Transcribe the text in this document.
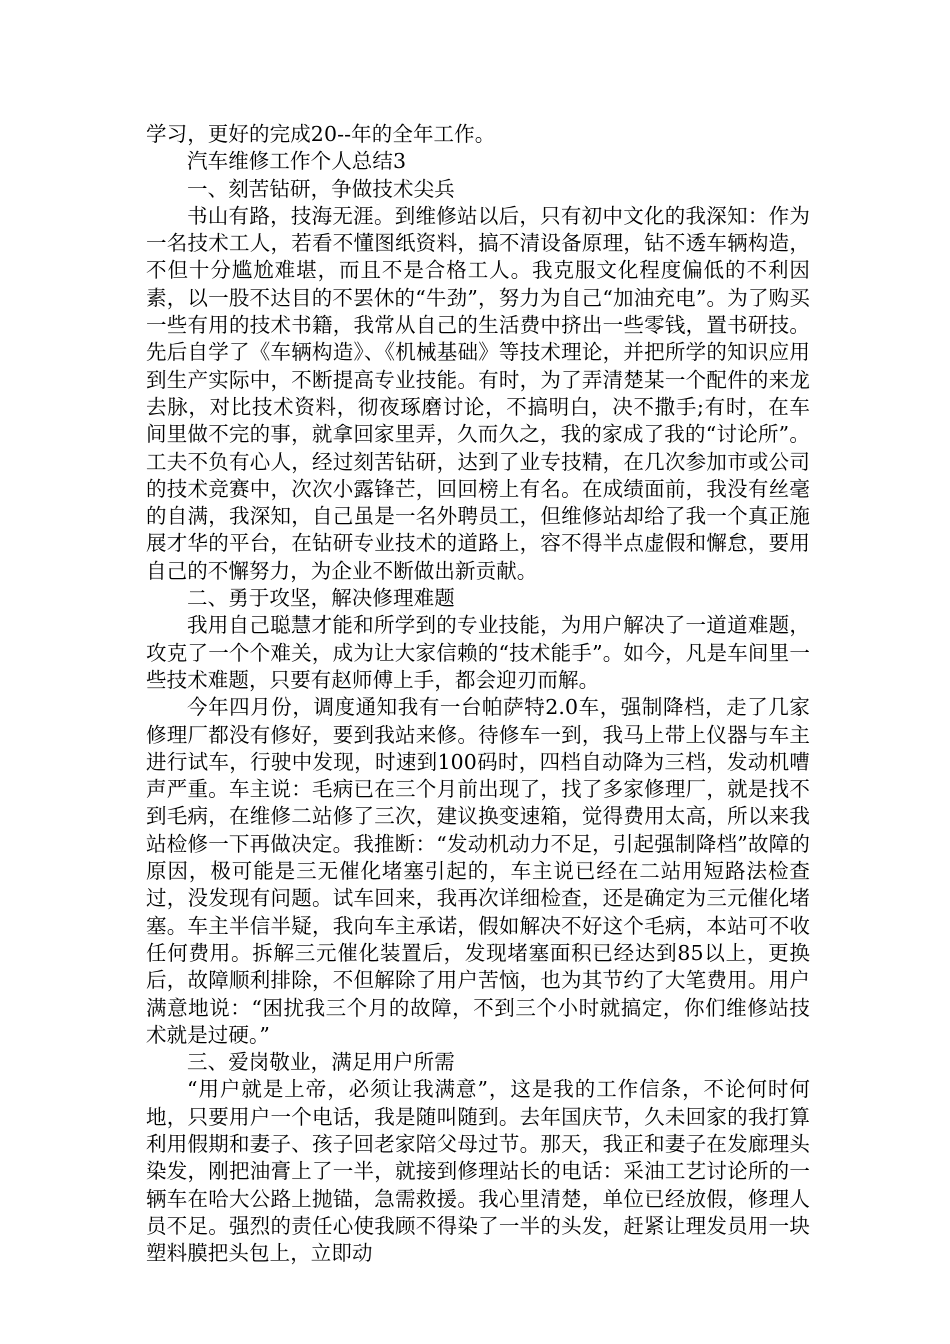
学习，更好的完成20--年的全年工作。

汽车维修工作个人总结3

一、刻苦钻研，争做技术尖兵

书山有路，技海无涯。到维修站以后，只有初中文化的我深知：作为一名技术工人，若看不懂图纸资料，搞不清设备原理，钻不透车辆构造，不但十分尴尬难堪，而且不是合格工人。我克服文化程度偏低的不利因素，以一股不达目的不罢休的“牛劲”，努力为自己“加油充电”。为了购买一些有用的技术书籍，我常从自己的生活费中挤出一些零钱，置书研技。先后自学了《车辆构造》、《机械基础》等技术理论，并把所学的知识应用到生产实际中，不断提高专业技能。有时，为了弄清楚某一个配件的来龙去脉，对比技术资料，彻夜琢磨讨论，不搞明白，决不撒手;有时，在车间里做不完的事，就拿回家里弄，久而久之，我的家成了我的“讨论所”。工夫不负有心人，经过刻苦钻研，达到了业专技精，在几次参加市或公司的技术竞赛中，次次小露锋芒，回回榜上有名。在成绩面前，我没有丝毫的自满，我深知，自己虽是一名外聘员工，但维修站却给了我一个真正施展才华的平台，在钻研专业技术的道路上，容不得半点虚假和懈怠，要用自己的不懈努力，为企业不断做出新贡献。

二、勇于攻坚，解决修理难题

我用自己聪慧才能和所学到的专业技能，为用户解决了一道道难题，攻克了一个个难关，成为让大家信赖的“技术能手”。如今，凡是车间里一些技术难题，只要有赵师傅上手，都会迎刃而解。

今年四月份，调度通知我有一台帕萨特2.0车，强制降档，走了几家修理厂都没有修好，要到我站来修。待修车一到，我马上带上仪器与车主进行试车，行驶中发现，时速到100码时，四档自动降为三档，发动机嘈声严重。车主说：毛病已在三个月前出现了，找了多家修理厂，就是找不到毛病，在维修二站修了三次，建议换变速箱，觉得费用太高，所以来我站检修一下再做决定。我推断：“发动机动力不足，引起强制降档”故障的原因，极可能是三无催化堵塞引起的，车主说已经在二站用短路法检查过，没发现有问题。试车回来，我再次详细检查，还是确定为三元催化堵塞。车主半信半疑，我向车主承诺，假如解决不好这个毛病，本站可不收任何费用。拆解三元催化装置后，发现堵塞面积已经达到85以上，更换后，故障顺利排除，不但解除了用户苦恼，也为其节约了大笔费用。用户满意地说：“困扰我三个月的故障，不到三个小时就搞定，你们维修站技术就是过硬。”

三、爱岗敬业，满足用户所需

“用户就是上帝，必须让我满意”，这是我的工作信条，不论何时何地，只要用户一个电话，我是随叫随到。去年国庆节，久未回家的我打算利用假期和妻子、孩子回老家陪父母过节。那天，我正和妻子在发廊理头染发，刚把油膏上了一半，就接到修理站长的电话：采油工艺讨论所的一辆车在哈大公路上抛锚，急需救援。我心里清楚，单位已经放假，修理人员不足。强烈的责任心使我顾不得染了一半的头发，赶紧让理发员用一块塑料膜把头包上，立即动
